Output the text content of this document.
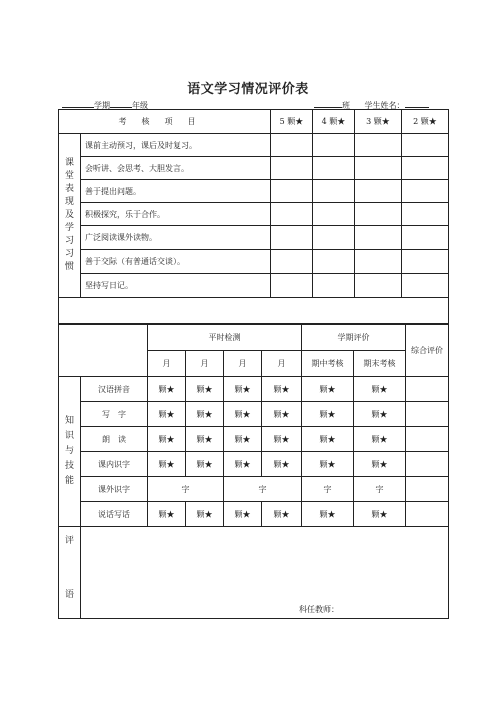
语文学习情况评价表
学期	年级	班 学生姓名：
考核项目		5 颗★	4 颗★	3 颗★	2 颗★

课堂表现及学习习惯	课前主动预习，课后及时复习。				
	会听讲、会思考、大胆发言。				
	善于提出问题。				
	积极探究，乐于合作。				
	广泛阅读课外读物。				
	善于交际（有普通话交谈）。				
	坚持写日记。				

		平时检测				学期评价		综合评价
		月	月	月	月	期中考核	期末考核	

知识与技能	汉语拼音	颗★	颗★	颗★	颗★	颗★	颗★	
	写　字	颗★	颗★	颗★	颗★	颗★	颗★	
	朗　读	颗★	颗★	颗★	颗★	颗★	颗★	
	课内识字	颗★	颗★	颗★	颗★	颗★	颗★	
	课外识字	字		字		字	字	
	说话写话	颗★	颗★	颗★	颗★	颗★	颗★	

评
语	科任教师：							
